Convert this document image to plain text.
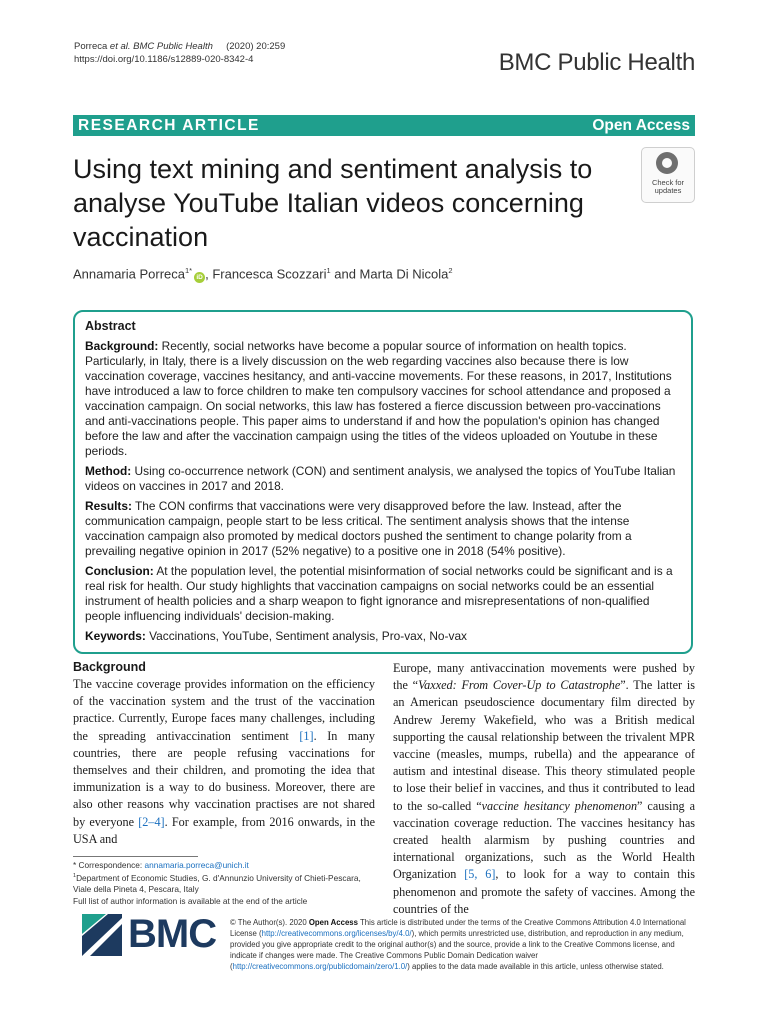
Porreca et al. BMC Public Health (2020) 20:259
https://doi.org/10.1186/s12889-020-8342-4	BMC Public Health
RESEARCH ARTICLE	Open Access
Using text mining and sentiment analysis to analyse YouTube Italian videos concerning vaccination
Check for updates
Annamaria Porreca$^{1*}$iD , Francesca Scozzari$^1$ and Marta Di Nicola$^2$
Abstract

Background: Recently, social networks have become a popular source of information on health topics. Particularly, in Italy, there is a lively discussion on the web regarding vaccines also because there is low vaccination coverage, vaccines hesitancy, and anti-vaccine movements. For these reasons, in 2017, Institutions have introduced a law to force children to make ten compulsory vaccines for school attendance and proposed a vaccination campaign. On social networks, this law has fostered a fierce discussion between pro-vaccinations and anti-vaccinations people. This paper aims to understand if and how the population's opinion has changed before the law and after the vaccination campaign using the titles of the videos uploaded on Youtube in these periods.

Method: Using co-occurrence network (CON) and sentiment analysis, we analysed the topics of YouTube Italian videos on vaccines in 2017 and 2018.

Results: The CON confirms that vaccinations were very disapproved before the law. Instead, after the communication campaign, people start to be less critical. The sentiment analysis shows that the intense vaccination campaign also promoted by medical doctors pushed the sentiment to change polarity from a prevailing negative opinion in 2017 (52% negative) to a positive one in 2018 (54% positive).

Conclusion: At the population level, the potential misinformation of social networks could be significant and is a real risk for health. Our study highlights that vaccination campaigns on social networks could be an essential instrument of health policies and a sharp weapon to fight ignorance and misrepresentations of non-qualified people influencing individuals' decision-making.

Keywords: Vaccinations, YouTube, Sentiment analysis, Pro-vax, No-vax

Background
The vaccine coverage provides information on the efficiency of the vaccination system and the trust of the vaccination practice. Currently, Europe faces many challenges, including the spreading antivaccination sentiment [1]. In many countries, there are people refusing vaccinations for themselves and their children, and promoting the idea that immunization is a way to do business. Moreover, there are also other reasons why vaccination practises are not shared by everyone [2–4]. For example, from 2016 onwards, in the USA and
Europe, many antivaccination movements were pushed by the “Vaxxed: From Cover-Up to Catastrophe”. The latter is an American pseudoscience documentary film directed by Andrew Jeremy Wakefield, who was a British medical supporting the causal relationship between the trivalent MPR vaccine (measles, mumps, rubella) and the appearance of autism and intestinal disease. This theory stimulated people to lose their belief in vaccines, and thus it contributed to lead to the so-called “vaccine hesitancy phenomenon” causing a vaccination coverage reduction. The vaccines hesitancy has created health alarmism by pushing countries and international organizations, such as the World Health Organization [5, 6], to look for a way to contain this phenomenon and promote the safety of vaccines. Among the countries of the
* Correspondence: annamaria.porreca@unich.it
$^1$Department of Economic Studies, G. d'Annunzio University of Chieti-Pescara, Viale della Pineta 4, Pescara, Italy
Full list of author information is available at the end of the article
BMC © The Author(s). 2020 Open Access This article is distributed under the terms of the Creative Commons Attribution 4.0 International License (http://creativecommons.org/licenses/by/4.0/), which permits unrestricted use, distribution, and reproduction in any medium, provided you give appropriate credit to the original author(s) and the source, provide a link to the Creative Commons license, and indicate if changes were made. The Creative Commons Public Domain Dedication waiver (http://creativecommons.org/publicdomain/zero/1.0/) applies to the data made available in this article, unless otherwise stated.
